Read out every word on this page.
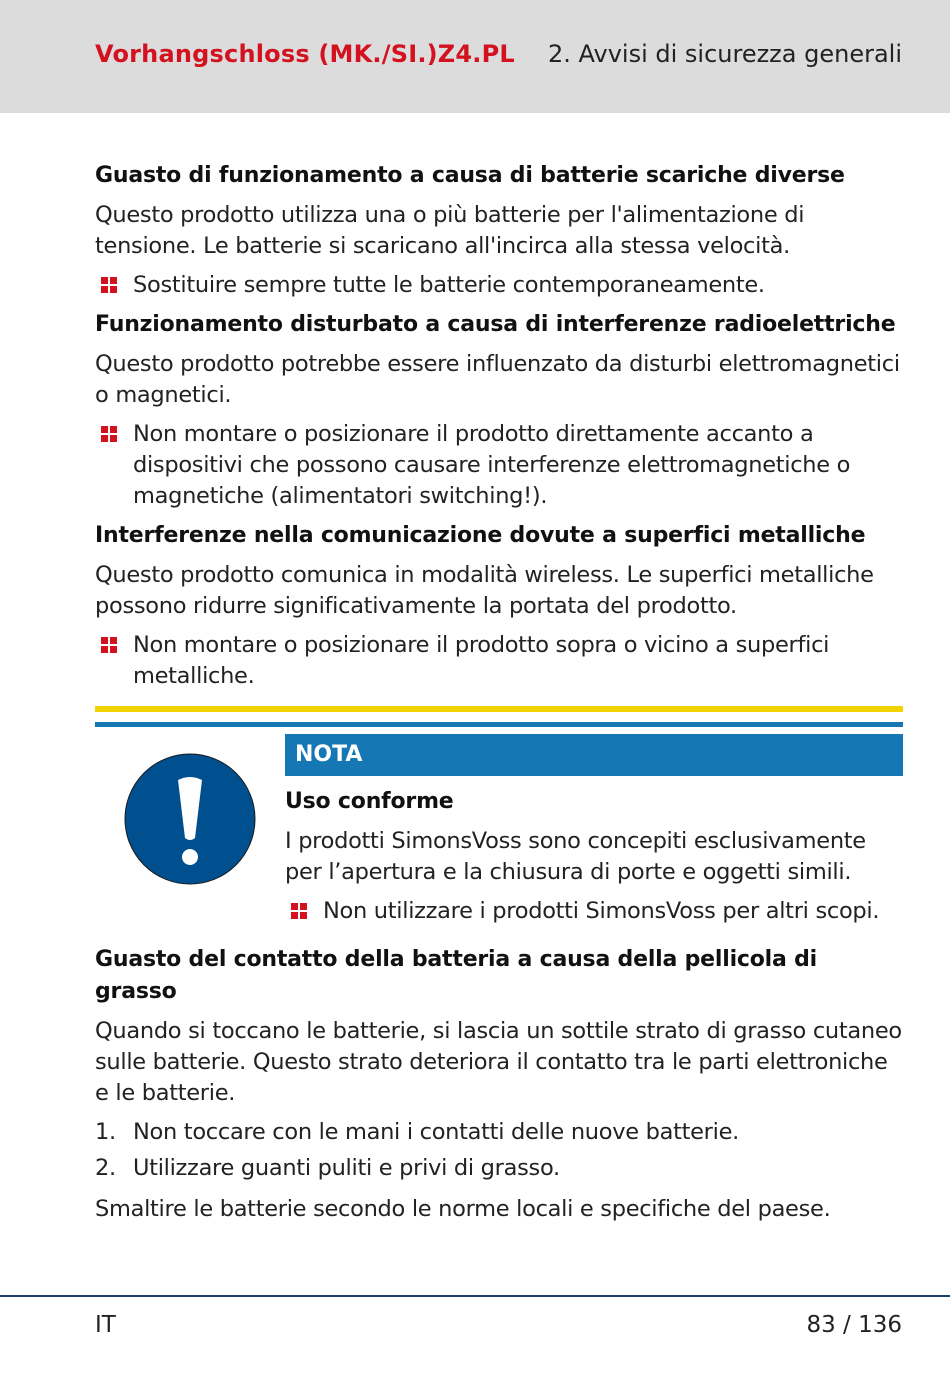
Vorhangschloss (MK./SI.)Z4.PL 2. Avvisi di sicurezza generali
Guasto di funzionamento a causa di batterie scariche diverse
Questo prodotto utilizza una o più batterie per l'alimentazione di tensione. Le batterie si scaricano all'incirca alla stessa velocità.
Sostituire sempre tutte le batterie contemporaneamente.
Funzionamento disturbato a causa di interferenze radioelettriche
Questo prodotto potrebbe essere influenzato da disturbi elettromagnetici o magnetici.
Non montare o posizionare il prodotto direttamente accanto a dispositivi che possono causare interferenze elettromagnetiche o magnetiche (alimentatori switching!).
Interferenze nella comunicazione dovute a superfici metalliche
Questo prodotto comunica in modalità wireless. Le superfici metalliche possono ridurre significativamente la portata del prodotto.
Non montare o posizionare il prodotto sopra o vicino a superfici metalliche.
NOTA
Uso conforme
I prodotti SimonsVoss sono concepiti esclusivamente per l’apertura e la chiusura di porte e oggetti simili.
Non utilizzare i prodotti SimonsVoss per altri scopi.
Guasto del contatto della batteria a causa della pellicola di grasso
Quando si toccano le batterie, si lascia un sottile strato di grasso cutaneo sulle batterie. Questo strato deteriora il contatto tra le parti elettroniche e le batterie.
1. Non toccare con le mani i contatti delle nuove batterie.
2. Utilizzare guanti puliti e privi di grasso.
Smaltire le batterie secondo le norme locali e specifiche del paese.
IT	83 / 136
